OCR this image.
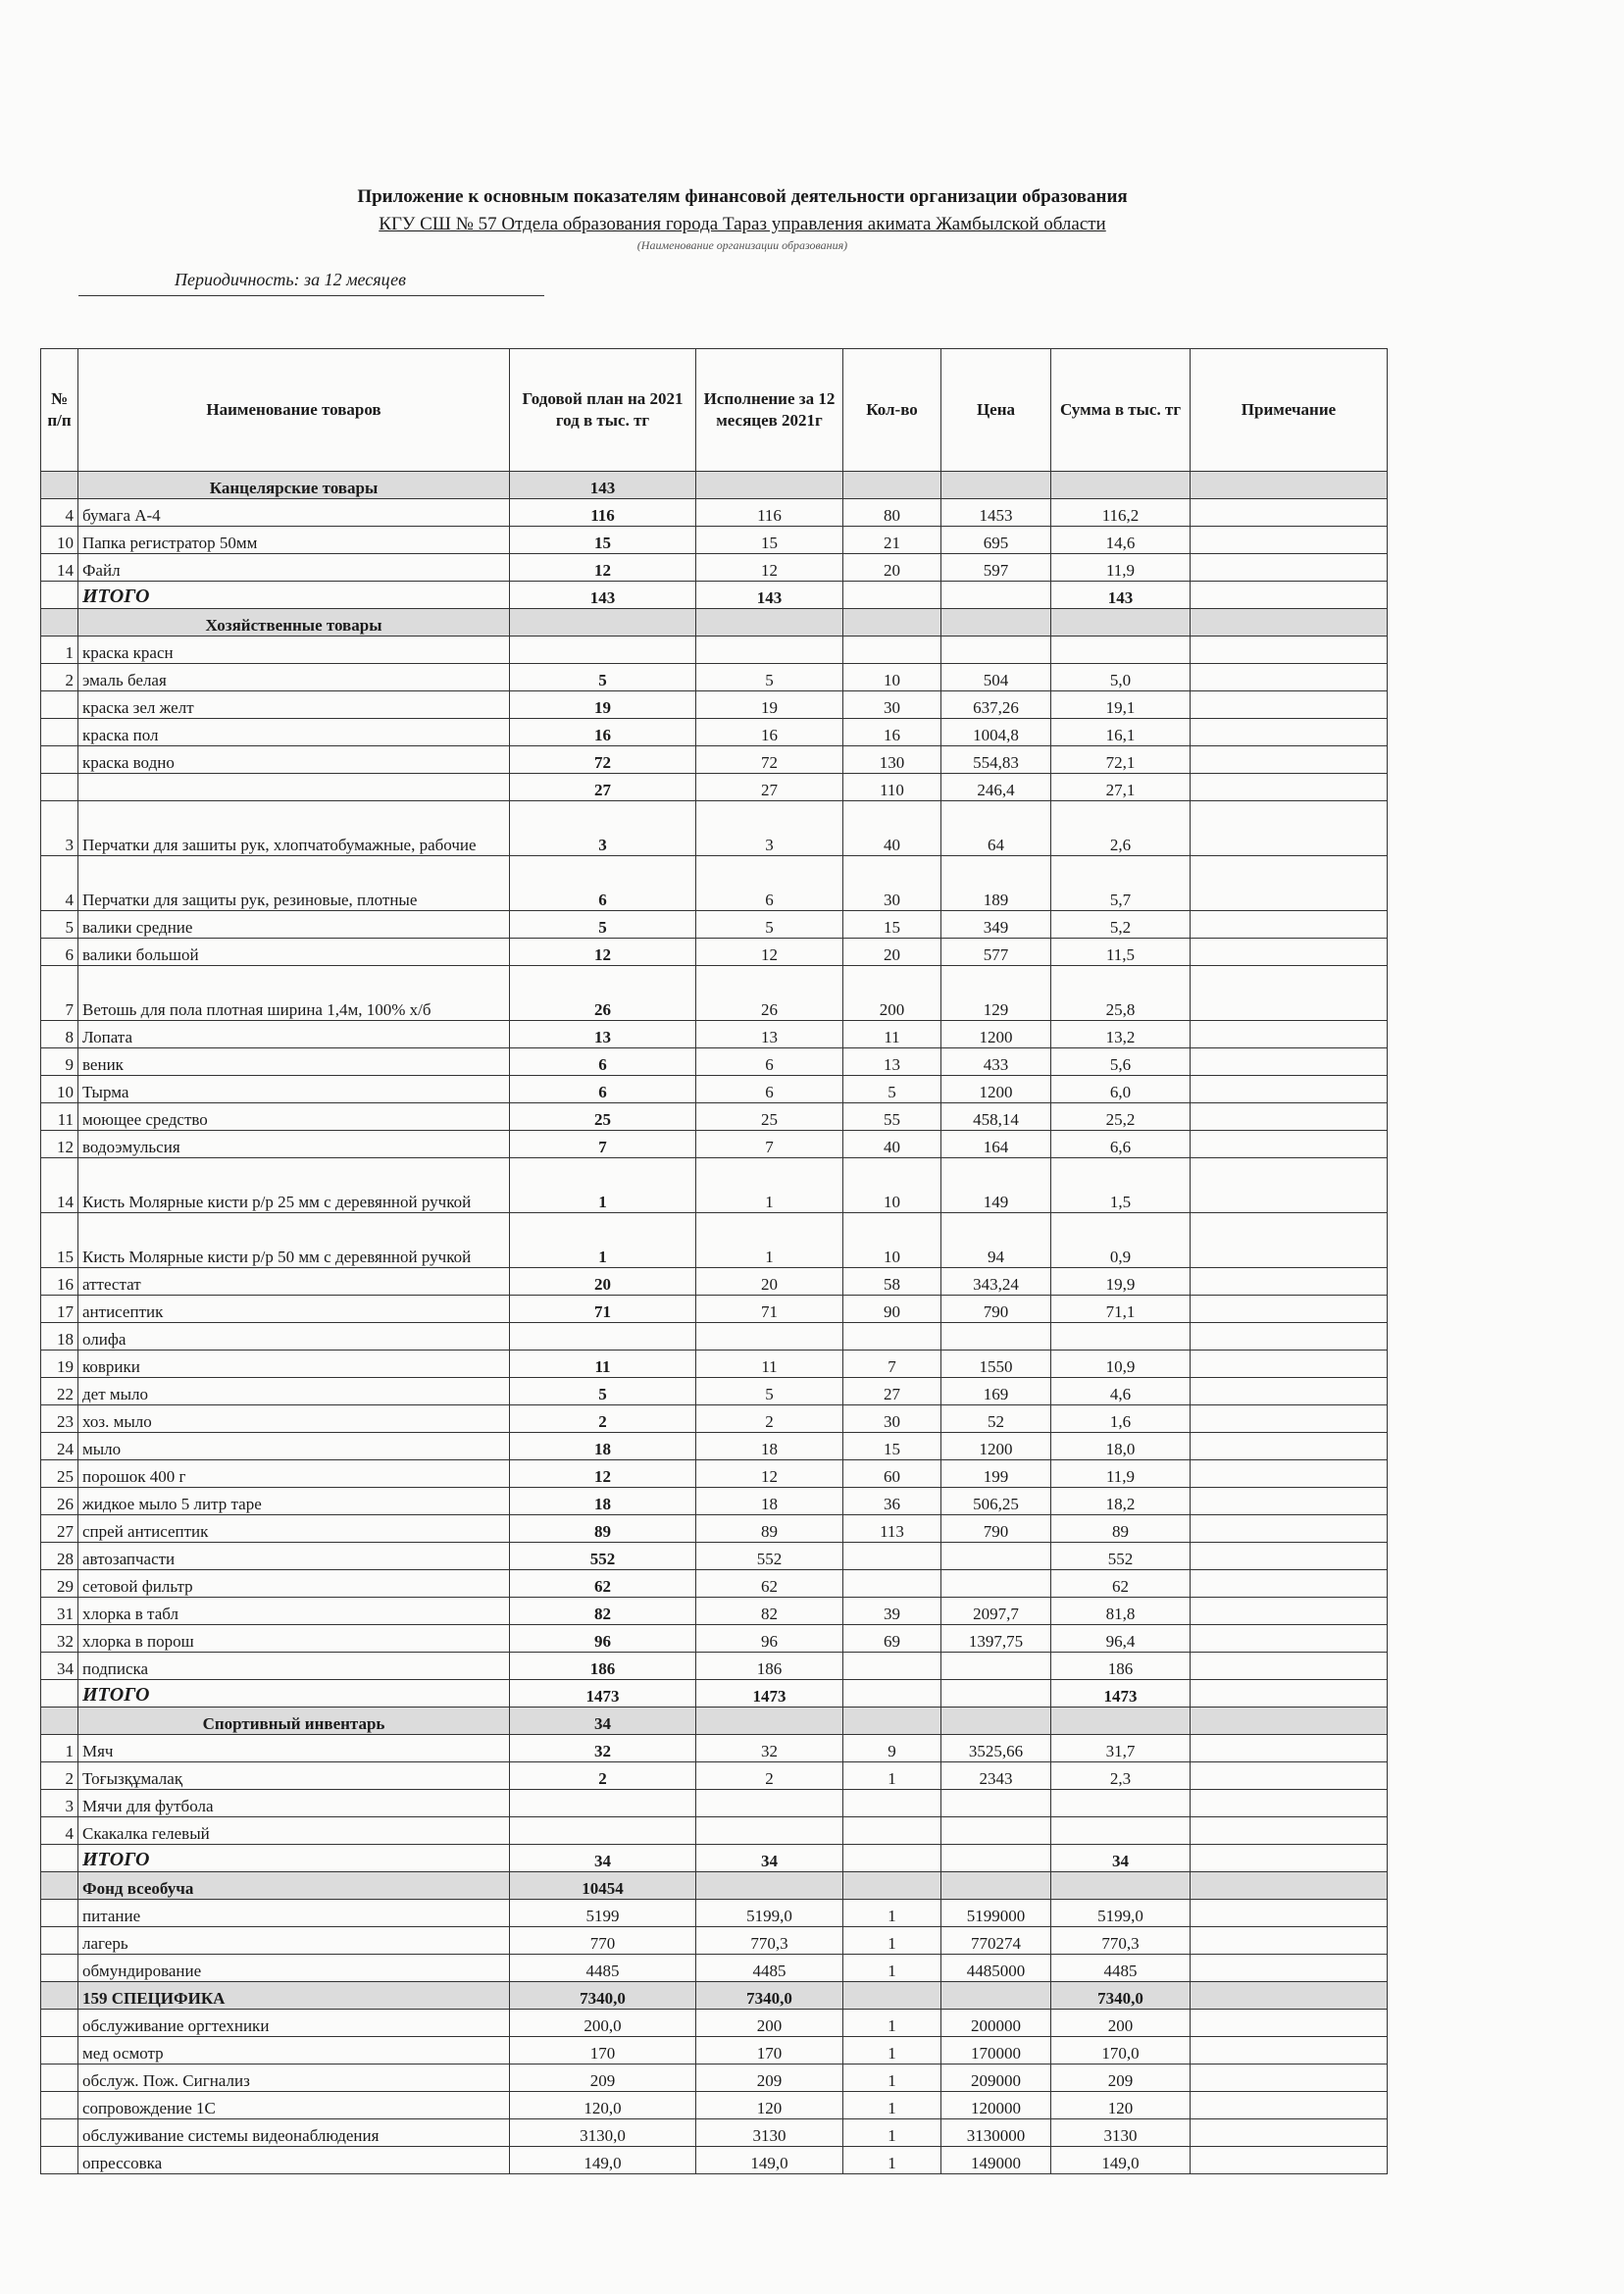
Приложение к основным показателям финансовой деятельности организации образования
КГУ СШ № 57 Отдела образования города Тараз управления акимата Жамбылской области
(Наименование организации образования)
Периодичность: за 12 месяцев
№ п/п	Наименование товаров	Годовой план на 2021 год в тыс. тг	Исполнение за 12 месяцев 2021г	Кол-во	Цена	Сумма в тыс. тг	Примечание
	Канцелярские товары	143					
4	бумага А-4	116	116	80	1453	116,2	
10	Папка регистратор 50мм	15	15	21	695	14,6	
14	Файл	12	12	20	597	11,9	
	ИТОГО	143	143			143	
	Хозяйственные товары						
1	краска красн						
2	эмаль белая	5	5	10	504	5,0	
	краска зел желт	19	19	30	637,26	19,1	
	краска пол	16	16	16	1004,8	16,1	
	краска водно	72	72	130	554,83	72,1	
		27	27	110	246,4	27,1	
3	Перчатки для зашиты рук, хлопчатобумажные, рабочие	3	3	40	64	2,6	
4	Перчатки для защиты рук, резиновые, плотные	6	6	30	189	5,7	
5	валики средние	5	5	15	349	5,2	
6	валики большой	12	12	20	577	11,5	
7	Ветошь для пола плотная ширина 1,4м, 100% х/б	26	26	200	129	25,8	
8	Лопата	13	13	11	1200	13,2	
9	веник	6	6	13	433	5,6	
10	Тырма	6	6	5	1200	6,0	
11	моющее средство	25	25	55	458,14	25,2	
12	водоэмульсия	7	7	40	164	6,6	
14	Кисть Молярные кисти р/р 25 мм с деревянной ручкой	1	1	10	149	1,5	
15	Кисть Молярные кисти р/р 50 мм с деревянной ручкой	1	1	10	94	0,9	
16	аттестат	20	20	58	343,24	19,9	
17	антисептик	71	71	90	790	71,1	
18	олифа						
19	коврики	11	11	7	1550	10,9	
22	дет мыло	5	5	27	169	4,6	
23	хоз. мыло	2	2	30	52	1,6	
24	мыло	18	18	15	1200	18,0	
25	порошок 400 г	12	12	60	199	11,9	
26	жидкое мыло 5 литр таре	18	18	36	506,25	18,2	
27	спрей антисептик	89	89	113	790	89	
28	автозапчасти	552	552			552	
29	сетовой фильтр	62	62			62	
31	хлорка в табл	82	82	39	2097,7	81,8	
32	хлорка в порош	96	96	69	1397,75	96,4	
34	подписка	186	186			186	
	ИТОГО	1473	1473			1473	
	Спортивный инвентарь	34					
1	Мяч	32	32	9	3525,66	31,7	
2	Тоғызқұмалақ	2	2	1	2343	2,3	
3	Мячи для футбола						
4	Скакалка гелевый						
	ИТОГО	34	34			34	
	Фонд всеобуча	10454					
	питание	5199	5199,0	1	5199000	5199,0	
	лагерь	770	770,3	1	770274	770,3	
	обмундирование	4485	4485	1	4485000	4485	
	159 СПЕЦИФИКА	7340,0	7340,0			7340,0	
	обслуживание оргтехники	200,0	200	1	200000	200	
	мед осмотр	170	170	1	170000	170,0	
	обслуж. Пож. Сигнализ	209	209	1	209000	209	
	сопровождение 1С	120,0	120	1	120000	120	
	обслуживание системы видеонаблюдения	3130,0	3130	1	3130000	3130	
	опрессовка	149,0	149,0	1	149000	149,0	
